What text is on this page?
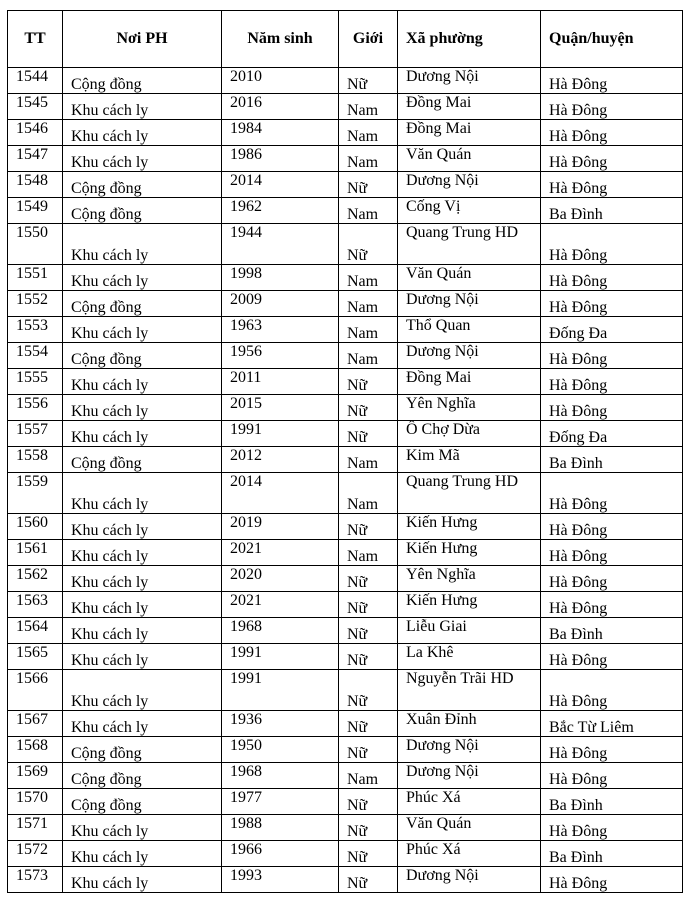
TT	Nơi PH	Năm sinh	Giới	Xã phường	Quận/huyện
1544	Cộng đồng	2010	Nữ	Dương Nội	Hà Đông
1545	Khu cách ly	2016	Nam	Đồng Mai	Hà Đông
1546	Khu cách ly	1984	Nam	Đồng Mai	Hà Đông
1547	Khu cách ly	1986	Nam	Văn Quán	Hà Đông
1548	Cộng đồng	2014	Nữ	Dương Nội	Hà Đông
1549	Cộng đồng	1962	Nam	Cống Vị	Ba Đình
1550	Khu cách ly	1944	Nữ	Quang Trung HD	Hà Đông
1551	Khu cách ly	1998	Nam	Văn Quán	Hà Đông
1552	Cộng đồng	2009	Nam	Dương Nội	Hà Đông
1553	Khu cách ly	1963	Nam	Thổ Quan	Đống Đa
1554	Cộng đồng	1956	Nam	Dương Nội	Hà Đông
1555	Khu cách ly	2011	Nữ	Đồng Mai	Hà Đông
1556	Khu cách ly	2015	Nữ	Yên Nghĩa	Hà Đông
1557	Khu cách ly	1991	Nữ	Ô Chợ Dừa	Đống Đa
1558	Cộng đồng	2012	Nam	Kim Mã	Ba Đình
1559	Khu cách ly	2014	Nam	Quang Trung HD	Hà Đông
1560	Khu cách ly	2019	Nữ	Kiến Hưng	Hà Đông
1561	Khu cách ly	2021	Nam	Kiến Hưng	Hà Đông
1562	Khu cách ly	2020	Nữ	Yên Nghĩa	Hà Đông
1563	Khu cách ly	2021	Nữ	Kiến Hưng	Hà Đông
1564	Khu cách ly	1968	Nữ	Liễu Giai	Ba Đình
1565	Khu cách ly	1991	Nữ	La Khê	Hà Đông
1566	Khu cách ly	1991	Nữ	Nguyễn Trãi HD	Hà Đông
1567	Khu cách ly	1936	Nữ	Xuân Đỉnh	Bắc Từ Liêm
1568	Cộng đồng	1950	Nữ	Dương Nội	Hà Đông
1569	Cộng đồng	1968	Nam	Dương Nội	Hà Đông
1570	Cộng đồng	1977	Nữ	Phúc Xá	Ba Đình
1571	Khu cách ly	1988	Nữ	Văn Quán	Hà Đông
1572	Khu cách ly	1966	Nữ	Phúc Xá	Ba Đình
1573	Khu cách ly	1993	Nữ	Dương Nội	Hà Đông
